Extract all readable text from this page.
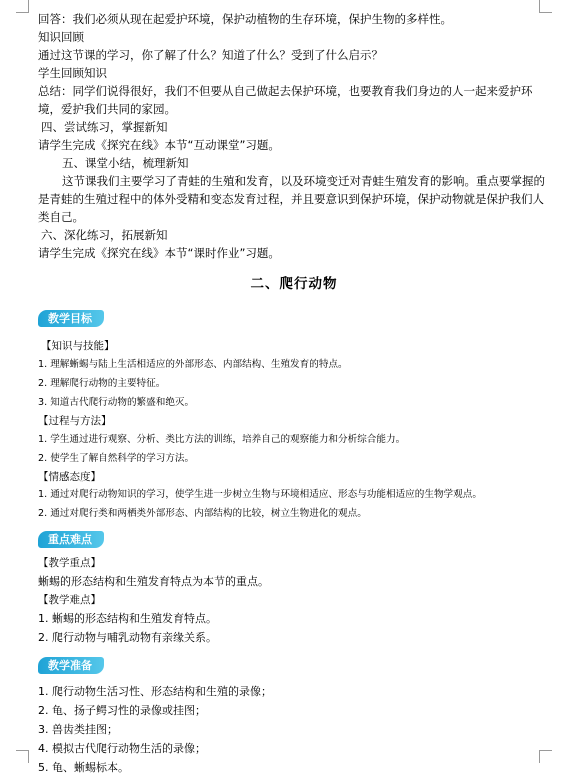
回答：我们必须从现在起爱护环境，保护动植物的生存环境，保护生物的多样性。
知识回顾
通过这节课的学习，你了解了什么？知道了什么？受到了什么启示？
学生回顾知识
总结：同学们说得很好，我们不但要从自己做起去保护环境，也要教育我们身边的人一起来爱护环境，爱护我们共同的家园。
四、尝试练习，掌握新知
请学生完成《探究在线》本节“互动课堂”习题。
五、课堂小结，梳理新知
这节课我们主要学习了青蛙的生殖和发育，以及环境变迁对青蛙生殖发育的影响。重点要掌握的是青蛙的生殖过程中的体外受精和变态发育过程，并且要意识到保护环境，保护动物就是保护我们人类自己。
六、深化练习，拓展新知
请学生完成《探究在线》本节“课时作业”习题。
二、爬行动物
教学目标
【知识与技能】
1. 理解蜥蜴与陆上生活相适应的外部形态、内部结构、生殖发育的特点。
2. 理解爬行动物的主要特征。
3. 知道古代爬行动物的繁盛和绝灭。
【过程与方法】
1. 学生通过进行观察、分析、类比方法的训练，培养自己的观察能力和分析综合能力。
2. 使学生了解自然科学的学习方法。
【情感态度】
1. 通过对爬行动物知识的学习，使学生进一步树立生物与环境相适应、形态与功能相适应的生物学观点。
2. 通过对爬行类和两栖类外部形态、内部结构的比较，树立生物进化的观点。
重点难点
【教学重点】
蜥蜴的形态结构和生殖发育特点为本节的重点。
【教学难点】
1. 蜥蜴的形态结构和生殖发育特点。
2. 爬行动物与哺乳动物有亲缘关系。
教学准备
1. 爬行动物生活习性、形态结构和生殖的录像；
2. 龟、扬子鳄习性的录像或挂图；
3. 兽齿类挂图；
4. 模拟古代爬行动物生活的录像；
5. 龟、蜥蜴标本。
